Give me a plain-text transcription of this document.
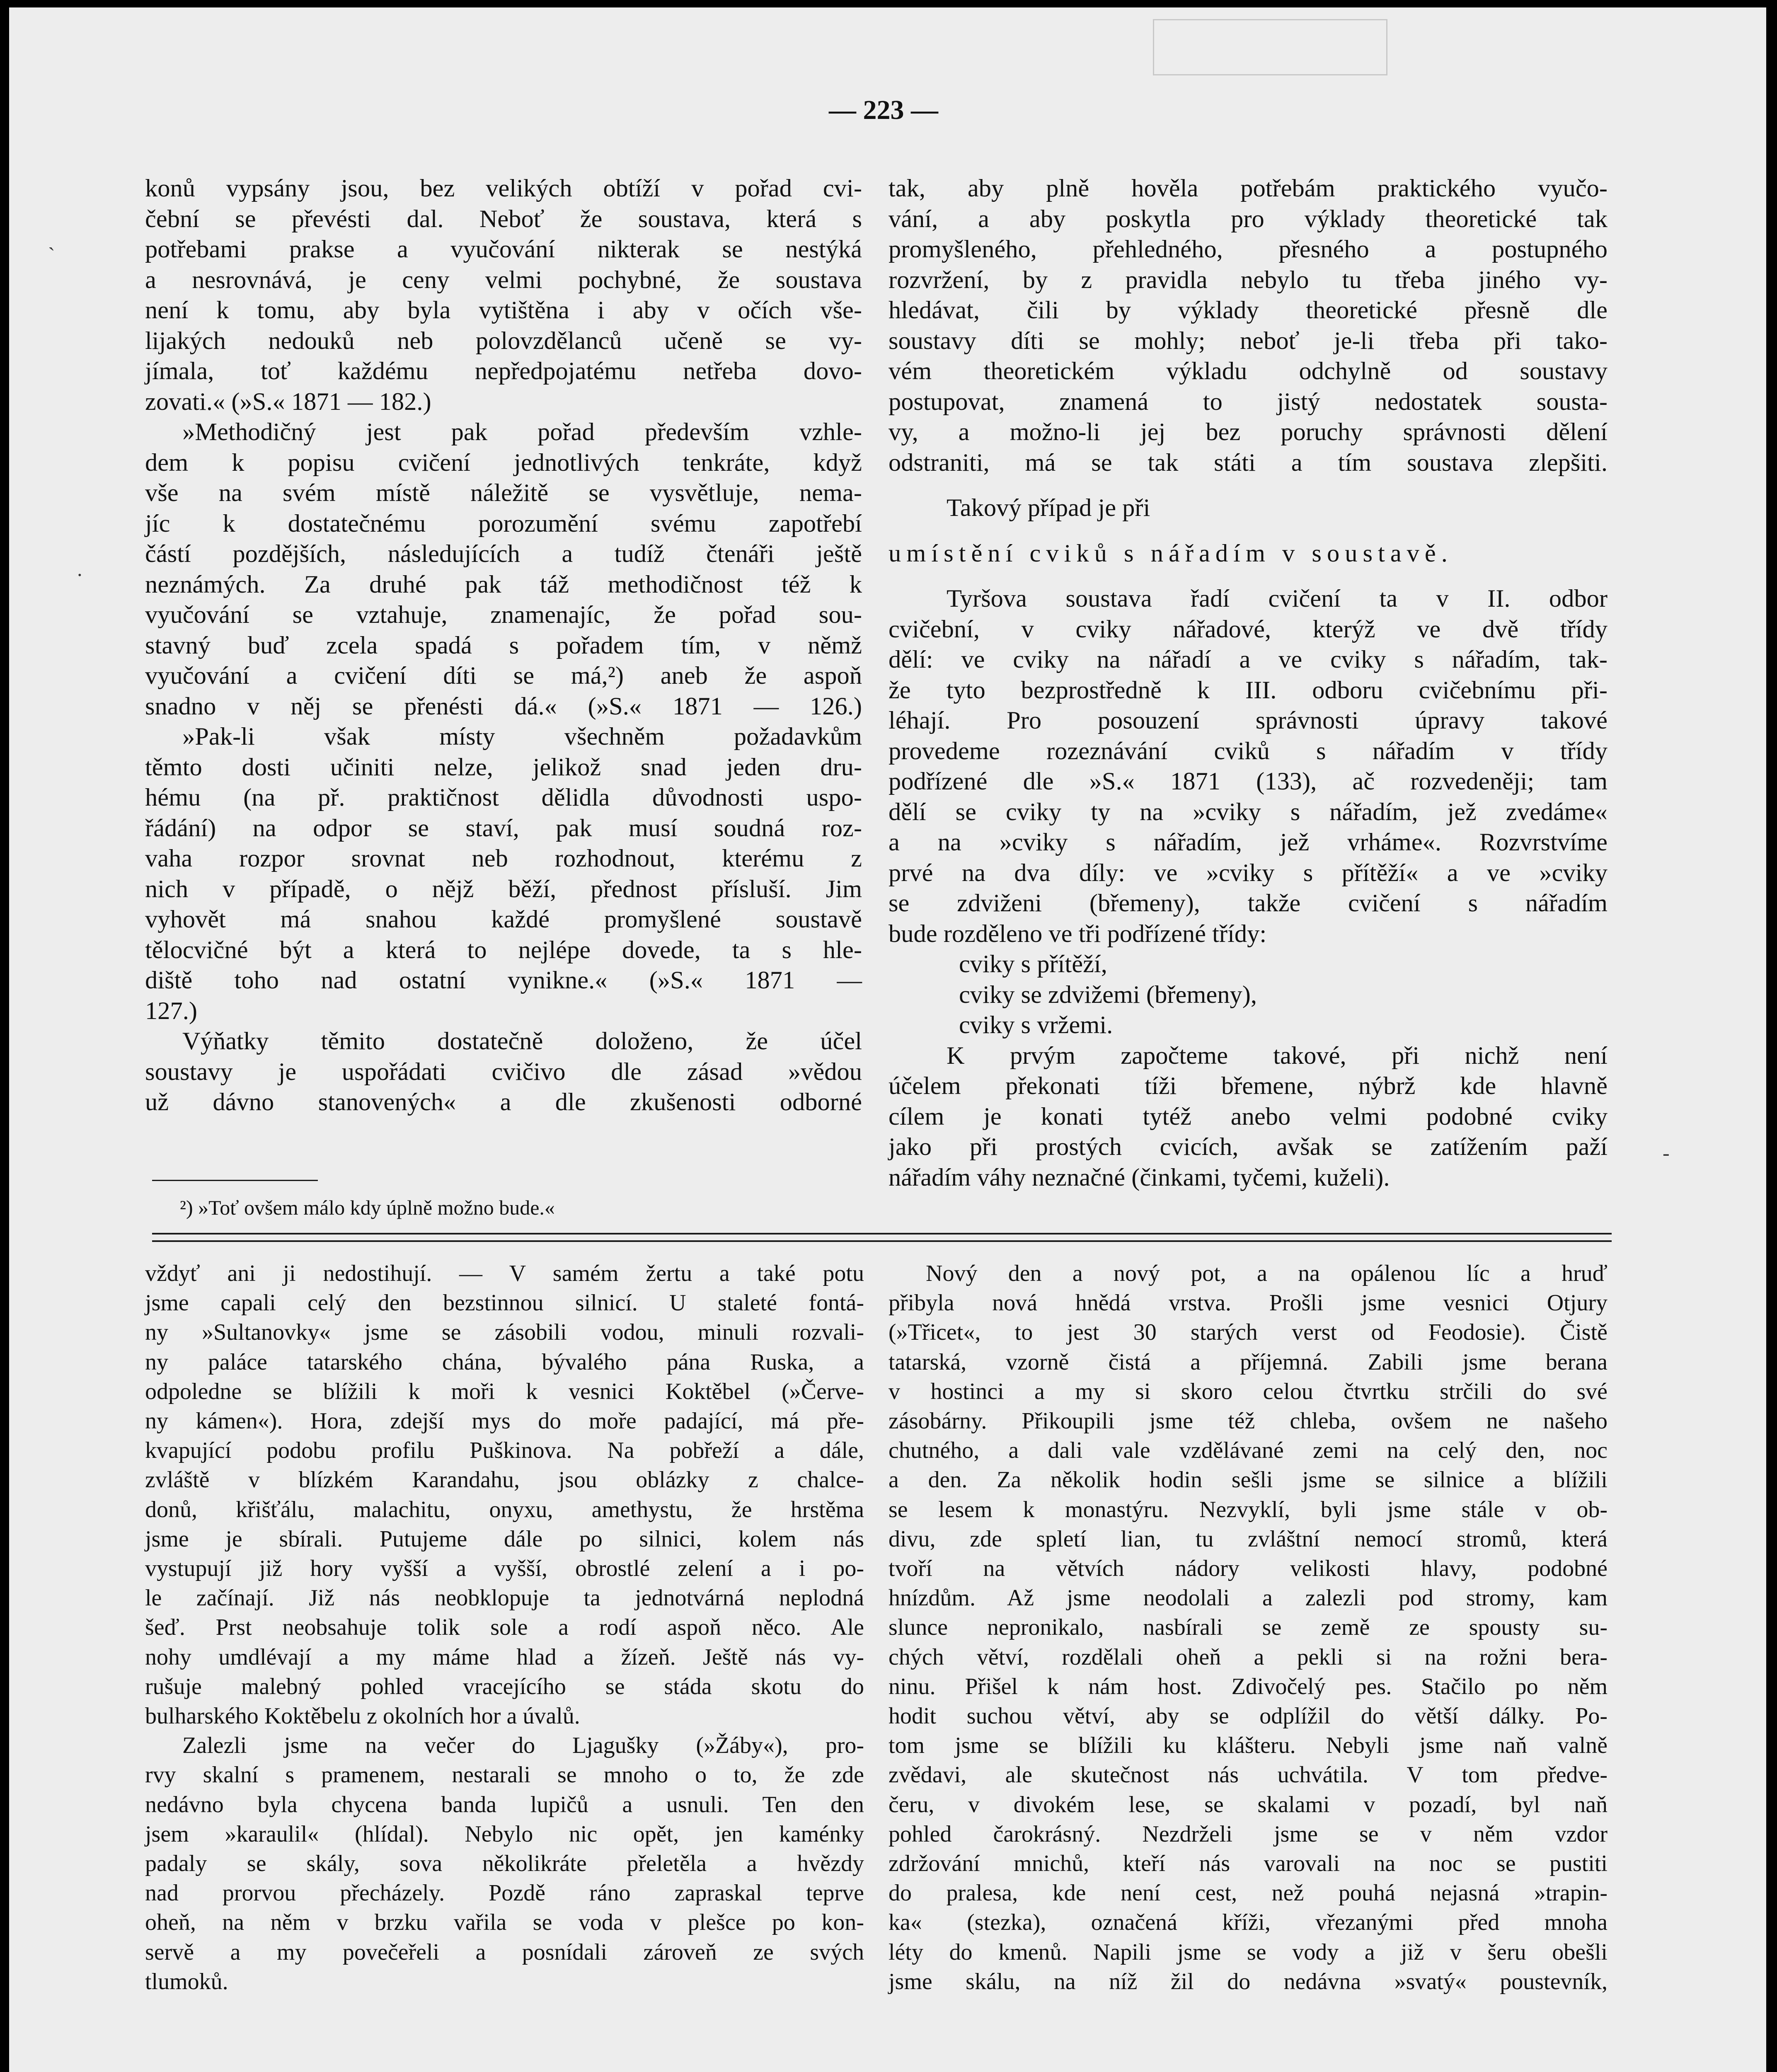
— 223 —
konů vypsány jsou, bez velikých obtíží v pořad cvi-
čební se převésti dal. Neboť že soustava, která s
potřebami prakse a vyučování nikterak se nestýká
a nesrovnává, je ceny velmi pochybné, že soustava
není k tomu, aby byla vytištěna i aby v očích vše-
lijakých nedouků neb polovzdělanců učeně se vy-
jímala, toť každému nepředpojatému netřeba dovo-
zovati.« (»S.« 1871 — 182.)
»Methodičný jest pak pořad především vzhle-
dem k popisu cvičení jednotlivých tenkráte, když
vše na svém místě náležitě se vysvětluje, nema-
jíc k dostatečnému porozumění svému zapotřebí
částí pozdějších, následujících a tudíž čtenáři ještě
neznámých. Za druhé pak táž methodičnost též k
vyučování se vztahuje, znamenajíc, že pořad sou-
stavný buď zcela spadá s pořadem tím, v němž
vyučování a cvičení díti se má,²) aneb že aspoň
snadno v něj se přenésti dá.« (»S.« 1871 — 126.)
»Pak-li však místy všechněm požadavkům
těmto dosti učiniti nelze, jelikož snad jeden dru-
hému (na př. praktičnost dělidla důvodnosti uspo-
řádání) na odpor se staví, pak musí soudná roz-
vaha rozpor srovnat neb rozhodnout, kterému z
nich v případě, o nějž běží, přednost přísluší. Jim
vyhovět má snahou každé promyšlené soustavě
tělocvičné být a která to nejlépe dovede, ta s hle-
diště toho nad ostatní vynikne.« (»S.« 1871 —
127.)
Výňatky těmito dostatečně doloženo, že účel
soustavy je uspořádati cvičivo dle zásad »vědou
už dávno stanovených« a dle zkušenosti odborné
tak, aby plně hověla potřebám praktického vyučo-
vání, a aby poskytla pro výklady theoretické tak
promyšleného, přehledného, přesného a postupného
rozvržení, by z pravidla nebylo tu třeba jiného vy-
hledávat, čili by výklady theoretické přesně dle
soustavy díti se mohly; neboť je-li třeba při tako-
vém theoretickém výkladu odchylně od soustavy
postupovat, znamená to jistý nedostatek sousta-
vy, a možno-li jej bez poruchy správnosti dělení
odstraniti, má se tak státi a tím soustava zlepšiti.
Takový případ je při
umístění cviků s nářadím v soustavě.
Tyršova soustava řadí cvičení ta v II. odbor
cvičební, v cviky nářadové, kterýž ve dvě třídy
dělí: ve cviky na nářadí a ve cviky s nářadím, tak-
že tyto bezprostředně k III. odboru cvičebnímu při-
léhají. Pro posouzení správnosti úpravy takové
provedeme rozeznávání cviků s nářadím v třídy
podřízené dle »S.« 1871 (133), ač rozvedeněji; tam
dělí se cviky ty na »cviky s nářadím, jež zvedáme«
a na »cviky s nářadím, jež vrháme«. Rozvrstvíme
prvé na dva díly: ve »cviky s přítěží« a ve »cviky
se zdviženi (břemeny), takže cvičení s nářadím
bude rozděleno ve tři podřízené třídy:
cviky s přítěží,
cviky se zdvižemi (břemeny),
cviky s vržemi.
K prvým započteme takové, při nichž není
účelem překonati tíži břemene, nýbrž kde hlavně
cílem je konati tytéž anebo velmi podobné cviky
jako při prostých cvicích, avšak se zatížením paží
nářadím váhy neznačné (činkami, tyčemi, kuželi).
²) »Toť ovšem málo kdy úplně možno bude.«
vždyť ani ji nedostihují. — V samém žertu a také potu
jsme capali celý den bezstinnou silnicí. U staleté fontá-
ny »Sultanovky« jsme se zásobili vodou, minuli rozvali-
ny paláce tatarského chána, bývalého pána Ruska, a
odpoledne se blížili k moři k vesnici Koktěbel (»Červe-
ny kámen«). Hora, zdejší mys do moře padající, má pře-
kvapující podobu profilu Puškinova. Na pobřeží a dále,
zvláště v blízkém Karandahu, jsou oblázky z chalce-
donů, křišťálu, malachitu, onyxu, amethystu, že hrstěma
jsme je sbírali. Putujeme dále po silnici, kolem nás
vystupují již hory vyšší a vyšší, obrostlé zelení a i po-
le začínají. Již nás neobklopuje ta jednotvárná neplodná
šeď. Prst neobsahuje tolik sole a rodí aspoň něco. Ale
nohy umdlévají a my máme hlad a žízeň. Ještě nás vy-
rušuje malebný pohled vracejícího se stáda skotu do
bulharského Koktěbelu z okolních hor a úvalů.
Zalezli jsme na večer do Ljagušky (»Žáby«), pro-
rvy skalní s pramenem, nestarali se mnoho o to, že zde
nedávno byla chycena banda lupičů a usnuli. Ten den
jsem »karaulil« (hlídal). Nebylo nic opět, jen kaménky
padaly se skály, sova několikráte přeletěla a hvězdy
nad prorvou přecházely. Pozdě ráno zapraskal teprve
oheň, na něm v brzku vařila se voda v plešce po kon-
servě a my povečeřeli a posnídali zároveň ze svých
tlumoků.
Nový den a nový pot, a na opálenou líc a hruď
přibyla nová hnědá vrstva. Prošli jsme vesnici Otjury
(»Třicet«, to jest 30 starých verst od Feodosie). Čistě
tatarská, vzorně čistá a příjemná. Zabili jsme berana
v hostinci a my si skoro celou čtvrtku strčili do své
zásobárny. Přikoupili jsme též chleba, ovšem ne našeho
chutného, a dali vale vzdělávané zemi na celý den, noc
a den. Za několik hodin sešli jsme se silnice a blížili
se lesem k monastýru. Nezvyklí, byli jsme stále v ob-
divu, zde spletí lian, tu zvláštní nemocí stromů, která
tvoří na větvích nádory velikosti hlavy, podobné
hnízdům. Až jsme neodolali a zalezli pod stromy, kam
slunce nepronikalo, nasbírali se země ze spousty su-
chých větví, rozdělali oheň a pekli si na rožni bera-
ninu. Přišel k nám host. Zdivočelý pes. Stačilo po něm
hodit suchou větví, aby se odplížil do větší dálky. Po-
tom jsme se blížili ku klášteru. Nebyli jsme naň valně
zvědavi, ale skutečnost nás uchvátila. V tom předve-
čeru, v divokém lese, se skalami v pozadí, byl naň
pohled čarokrásný. Nezdrželi jsme se v něm vzdor
zdržování mnichů, kteří nás varovali na noc se pustiti
do pralesa, kde není cest, než pouhá nejasná »trapin-
ka« (stezka), označená kříži, vřezanými před mnoha
léty do kmenů. Napili jsme se vody a již v šeru obešli
jsme skálu, na níž žil do nedávna »svatý« poustevník,
`
·
-
